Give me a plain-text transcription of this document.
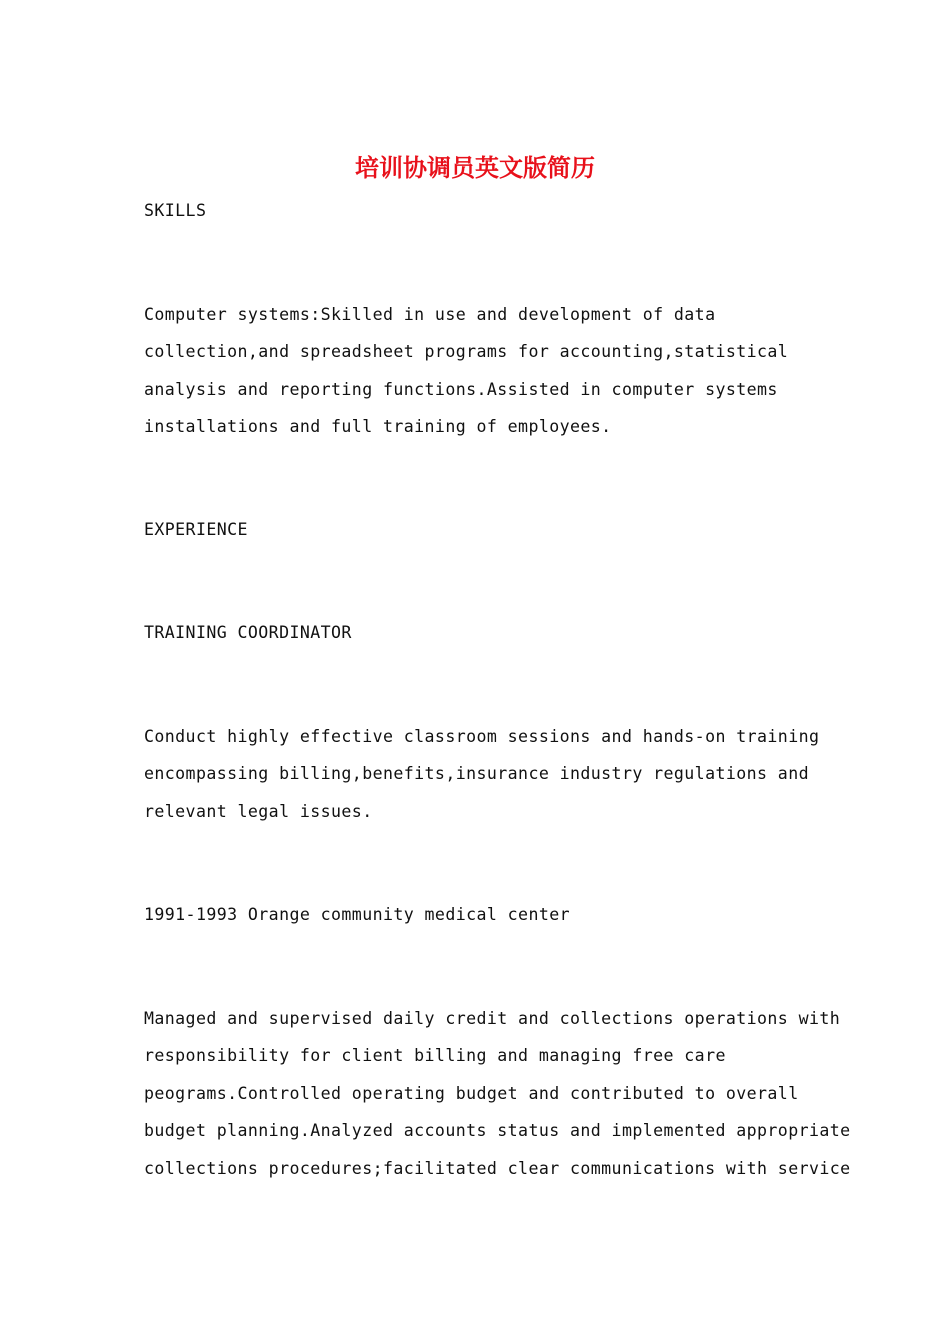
培训协调员英文版简历
SKILLS
Computer systems:Skilled in use and development of data
collection,and spreadsheet programs for accounting,statistical
analysis and reporting functions.Assisted in computer systems
installations and full training of employees.
EXPERIENCE
TRAINING COORDINATOR
Conduct highly effective classroom sessions and hands-on training
encompassing billing,benefits,insurance industry regulations and
relevant legal issues.
1991-1993 Orange community medical center
Managed and supervised daily credit and collections operations with
responsibility for client billing and managing free care
peograms.Controlled operating budget and contributed to overall
budget planning.Analyzed accounts status and implemented appropriate
collections procedures;facilitated clear communications with service
